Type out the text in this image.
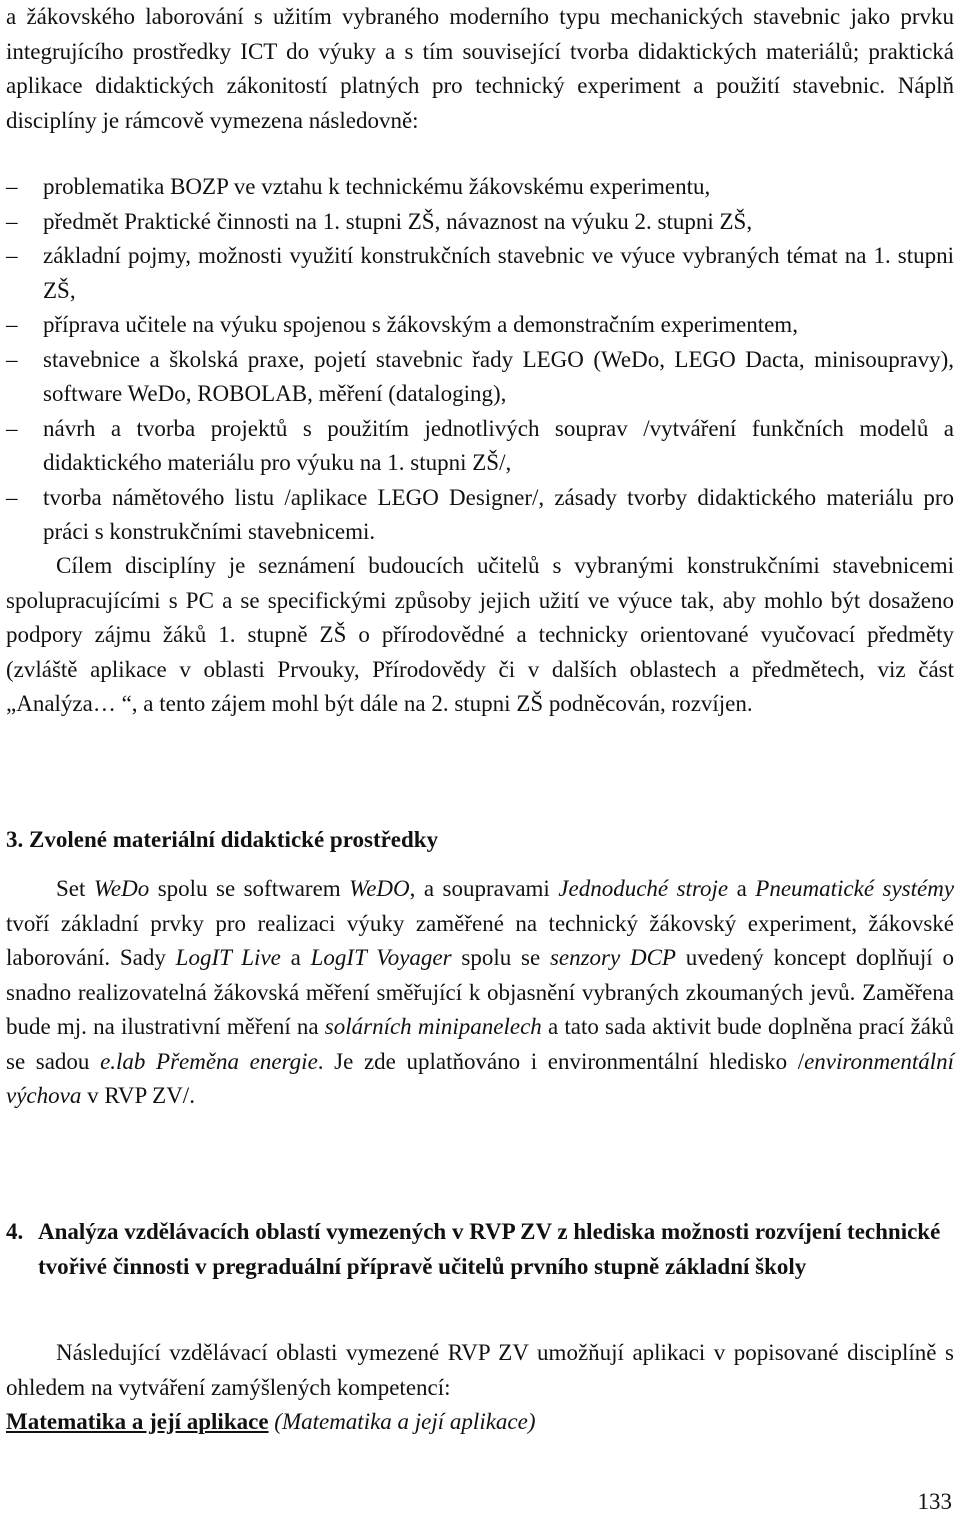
a žákovského laborování s užitím vybraného moderního typu mechanických stavebnic jako prvku integrujícího prostředky ICT do výuky a s tím související tvorba didaktických materiálů; praktická aplikace didaktických zákonitostí platných pro technický experiment a použití stavebnic. Náplň disciplíny je rámcově vymezena následovně:

– problematika BOZP ve vztahu k technickému žákovskému experimentu,
– předmět Praktické činnosti na 1. stupni ZŠ, návaznost na výuku 2. stupni ZŠ,
– základní pojmy, možnosti využití konstrukčních stavebnic ve výuce vybraných témat na 1. stupni ZŠ,
– příprava učitele na výuku spojenou s žákovským a demonstračním experimentem,
– stavebnice a školská praxe, pojetí stavebnic řady LEGO (WeDo, LEGO Dacta, minisoupravy), software WeDo, ROBOLAB, měření (dataloging),
– návrh a tvorba projektů s použitím jednotlivých souprav /vytváření funkčních modelů a didaktického materiálu pro výuku na 1. stupni ZŠ/,
– tvorba námětového listu /aplikace LEGO Designer/, zásady tvorby didaktického materiálu pro práci s konstrukčními stavebnicemi.

Cílem disciplíny je seznámení budoucích učitelů s vybranými konstrukčními stavebnicemi spolupracujícími s PC a se specifickými způsoby jejich užití ve výuce tak, aby mohlo být dosaženo podpory zájmu žáků 1. stupně ZŠ o přírodovědné a technicky orientované vyučovací předměty (zvláště aplikace v oblasti Prvouky, Přírodovědy či v dalších oblastech a předmětech, viz část „Analýza… “, a tento zájem mohl být dále na 2. stupni ZŠ podněcován, rozvíjen.

3. Zvolené materiální didaktické prostředky

Set WeDo spolu se softwarem WeDO, a soupravami Jednoduché stroje a Pneumatické systémy tvoří základní prvky pro realizaci výuky zaměřené na technický žákovský experiment, žákovské laborování. Sady LogIT Live a LogIT Voyager spolu se senzory DCP uvedený koncept doplňují o snadno realizovatelná žákovská měření směřující k objasnění vybraných zkoumaných jevů. Zaměřena bude mj. na ilustrativní měření na solárních minipanelech a tato sada aktivit bude doplněna prací žáků se sadou e.lab Přeměna energie. Je zde uplatňováno i environmentální hledisko /environmentální výchova v RVP ZV/.

4. Analýza vzdělávacích oblastí vymezených v RVP ZV z hlediska možnosti rozvíjení technické tvořivé činnosti v pregraduální přípravě učitelů prvního stupně základní školy

Následující vzdělávací oblasti vymezené RVP ZV umožňují aplikaci v popisované disciplíně s ohledem na vytváření zamýšlených kompetencí:

Matematika a její aplikace (Matematika a její aplikace)

133
